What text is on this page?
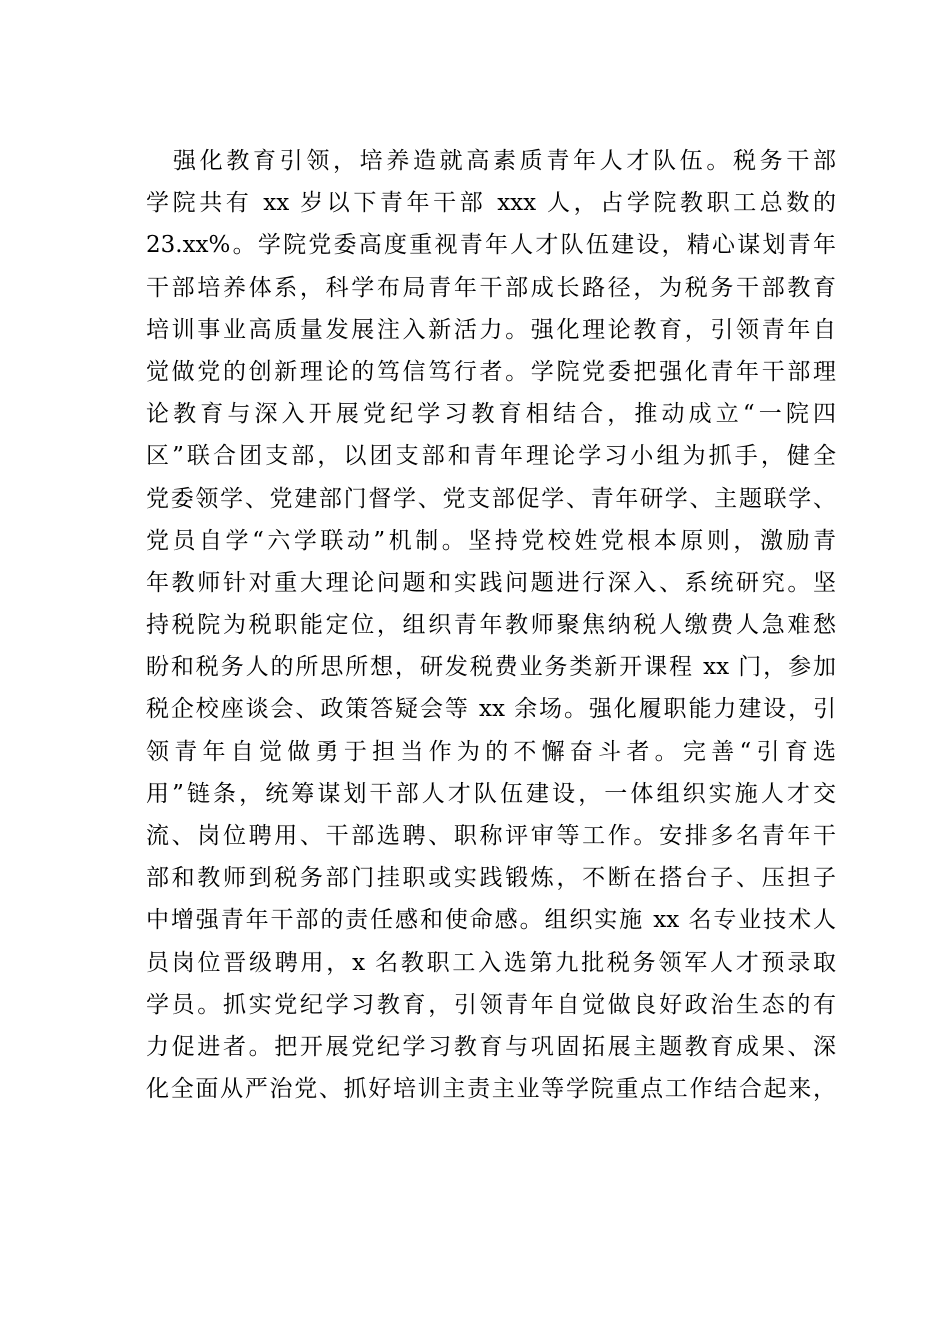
强化教育引领，培养造就高素质青年人才队伍。税务干部
学院共有 xx 岁以下青年干部 xxx 人，占学院教职工总数的
23.xx%。学院党委高度重视青年人才队伍建设，精心谋划青年
干部培养体系，科学布局青年干部成长路径，为税务干部教育
培训事业高质量发展注入新活力。强化理论教育，引领青年自
觉做党的创新理论的笃信笃行者。学院党委把强化青年干部理
论教育与深入开展党纪学习教育相结合，推动成立“一院四
区”联合团支部，以团支部和青年理论学习小组为抓手，健全
党委领学、党建部门督学、党支部促学、青年研学、主题联学、
党员自学“六学联动”机制。坚持党校姓党根本原则，激励青
年教师针对重大理论问题和实践问题进行深入、系统研究。坚
持税院为税职能定位，组织青年教师聚焦纳税人缴费人急难愁
盼和税务人的所思所想，研发税费业务类新开课程 xx 门，参加
税企校座谈会、政策答疑会等 xx 余场。强化履职能力建设，引
领青年自觉做勇于担当作为的不懈奋斗者。完善“引育选
用”链条，统筹谋划干部人才队伍建设，一体组织实施人才交
流、岗位聘用、干部选聘、职称评审等工作。安排多名青年干
部和教师到税务部门挂职或实践锻炼，不断在搭台子、压担子
中增强青年干部的责任感和使命感。组织实施 xx 名专业技术人
员岗位晋级聘用，x 名教职工入选第九批税务领军人才预录取
学员。抓实党纪学习教育，引领青年自觉做良好政治生态的有
力促进者。把开展党纪学习教育与巩固拓展主题教育成果、深
化全面从严治党、抓好培训主责主业等学院重点工作结合起来，
